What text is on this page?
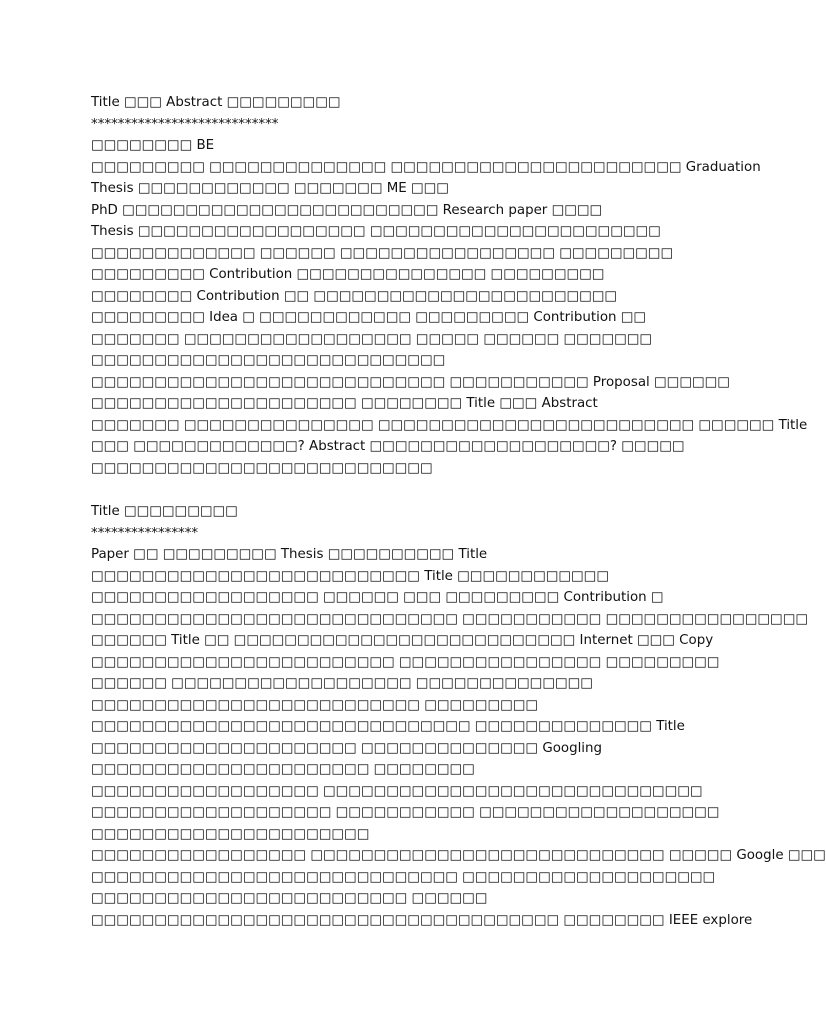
Title □□□ Abstract □□□□□□□□□
****************************
□□□□□□□□ BE
□□□□□□□□□ □□□□□□□□□□□□□□ □□□□□□□□□□□□□□□□□□□□□□□ Graduation
Thesis □□□□□□□□□□□□ □□□□□□□ ME □□□
PhD □□□□□□□□□□□□□□□□□□□□□□□□□ Research paper □□□□
Thesis □□□□□□□□□□□□□□□□□□ □□□□□□□□□□□□□□□□□□□□□□□
□□□□□□□□□□□□□ □□□□□□ □□□□□□□□□□□□□□□□□ □□□□□□□□□
□□□□□□□□□ Contribution □□□□□□□□□□□□□□□ □□□□□□□□□
□□□□□□□□ Contribution □□ □□□□□□□□□□□□□□□□□□□□□□□□
□□□□□□□□□ Idea □ □□□□□□□□□□□□ □□□□□□□□□ Contribution □□
□□□□□□□ □□□□□□□□□□□□□□□□□□ □□□□□ □□□□□□ □□□□□□□
□□□□□□□□□□□□□□□□□□□□□□□□□□□□
□□□□□□□□□□□□□□□□□□□□□□□□□□□□ □□□□□□□□□□□ Proposal □□□□□□
□□□□□□□□□□□□□□□□□□□□□ □□□□□□□□ Title □□□ Abstract
□□□□□□□ □□□□□□□□□□□□□□□ □□□□□□□□□□□□□□□□□□□□□□□□□ □□□□□□ Title
□□□ □□□□□□□□□□□□□? Abstract □□□□□□□□□□□□□□□□□□□? □□□□□
□□□□□□□□□□□□□□□□□□□□□□□□□□□
Title □□□□□□□□□
****************
Paper □□ □□□□□□□□□ Thesis □□□□□□□□□□ Title
□□□□□□□□□□□□□□□□□□□□□□□□□□ Title □□□□□□□□□□□□
□□□□□□□□□□□□□□□□□□ □□□□□□ □□□ □□□□□□□□□ Contribution □
□□□□□□□□□□□□□□□□□□□□□□□□□□□□□ □□□□□□□□□□□ □□□□□□□□□□□□□□□□
□□□□□□ Title □□ □□□□□□□□□□□□□□□□□□□□□□□□□□□ Internet □□□ Copy
□□□□□□□□□□□□□□□□□□□□□□□□ □□□□□□□□□□□□□□□□ □□□□□□□□□
□□□□□□ □□□□□□□□□□□□□□□□□□□ □□□□□□□□□□□□□□
□□□□□□□□□□□□□□□□□□□□□□□□□□ □□□□□□□□□
□□□□□□□□□□□□□□□□□□□□□□□□□□□□□□ □□□□□□□□□□□□□□ Title
□□□□□□□□□□□□□□□□□□□□□ □□□□□□□□□□□□□□ Googling
□□□□□□□□□□□□□□□□□□□□□□ □□□□□□□□
□□□□□□□□□□□□□□□□□□ □□□□□□□□□□□□□□□□□□□□□□□□□□□□□□
□□□□□□□□□□□□□□□□□□□ □□□□□□□□□□□ □□□□□□□□□□□□□□□□□□□
□□□□□□□□□□□□□□□□□□□□□□
□□□□□□□□□□□□□□□□□ □□□□□□□□□□□□□□□□□□□□□□□□□□□□ □□□□□ Google □□□
□□□□□□□□□□□□□□□□□□□□□□□□□□□□□ □□□□□□□□□□□□□□□□□□□□
□□□□□□□□□□□□□□□□□□□□□□□□□ □□□□□□
□□□□□□□□□□□□□□□□□□□□□□□□□□□□□□□□□□□□□ □□□□□□□□ IEEE explore
